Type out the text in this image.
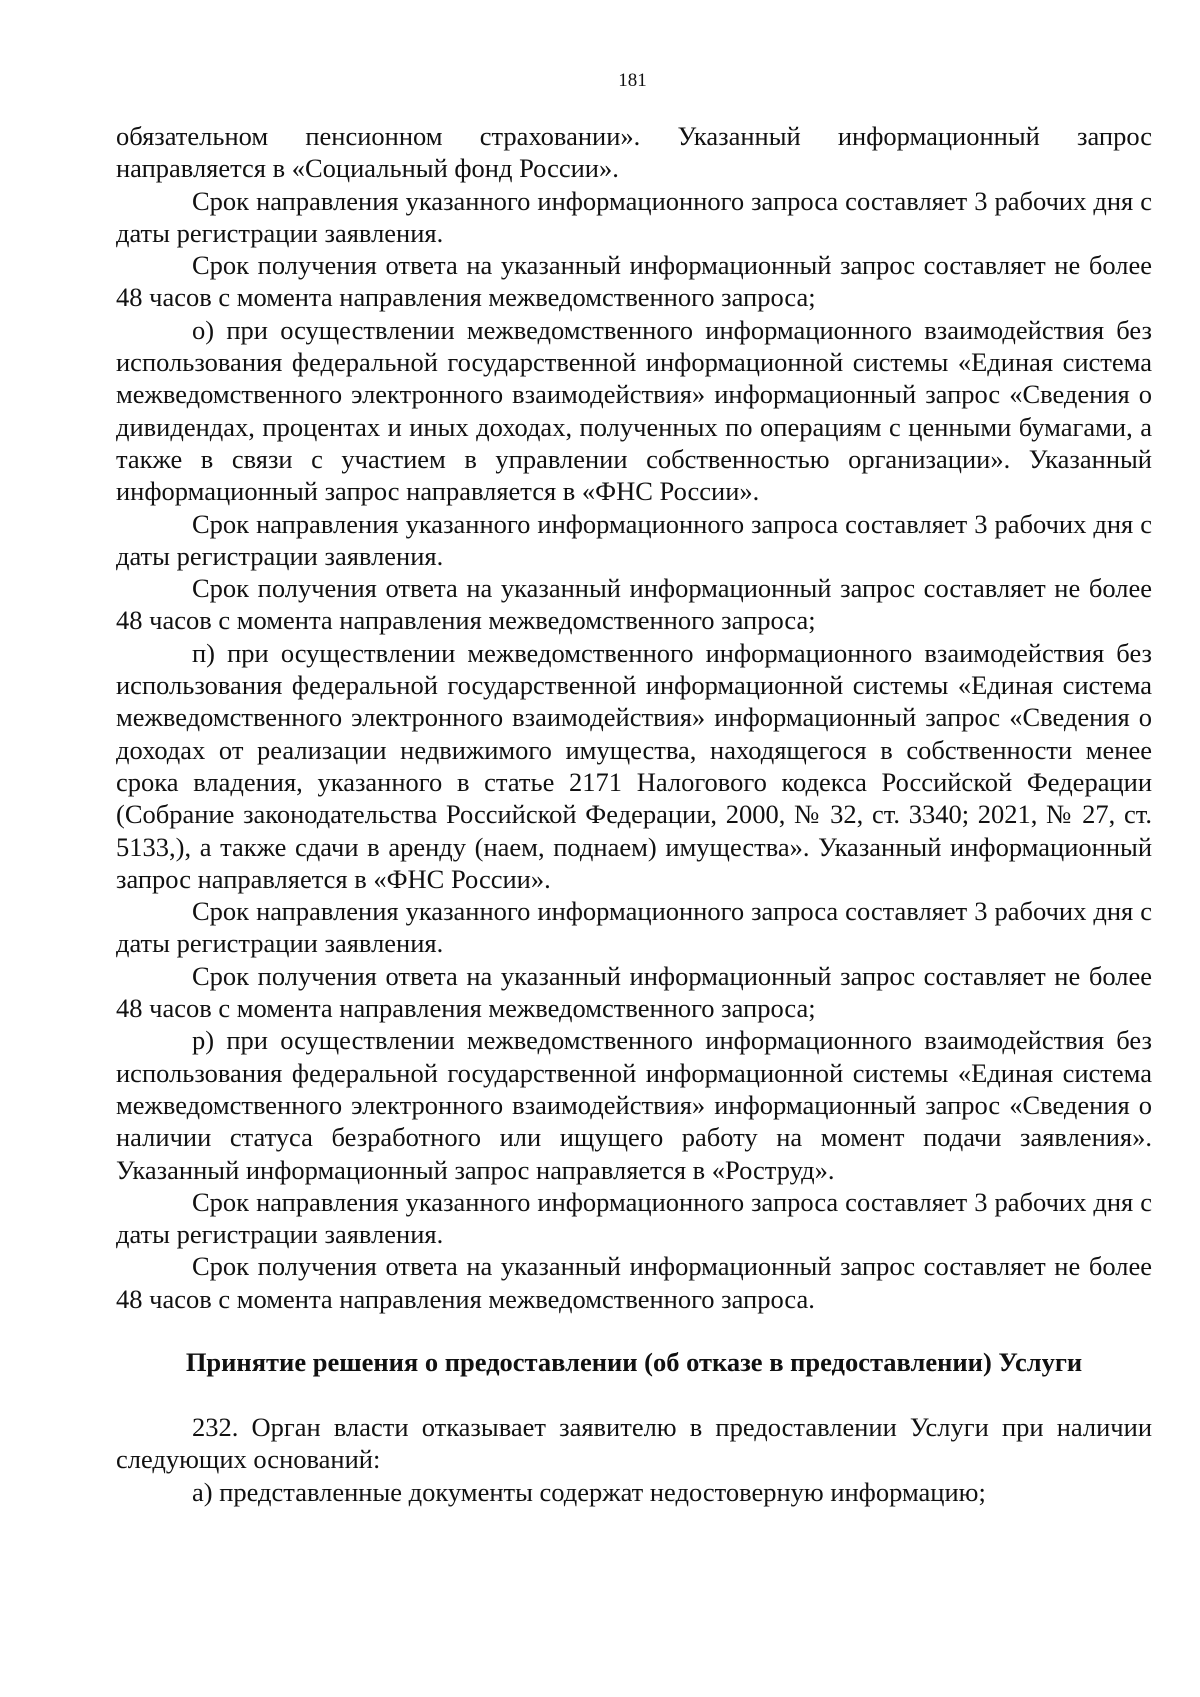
181

обязательном пенсионном страховании». Указанный информационный запрос направляется в «Социальный фонд России».

Срок направления указанного информационного запроса составляет 3 рабочих дня с даты регистрации заявления.

Срок получения ответа на указанный информационный запрос составляет не более 48 часов с момента направления межведомственного запроса;

о) при осуществлении межведомственного информационного взаимодействия без использования федеральной государственной информационной системы «Единая система межведомственного электронного взаимодействия» информационный запрос «Сведения о дивидендах, процентах и иных доходах, полученных по операциям с ценными бумагами, а также в связи с участием в управлении собственностью организации». Указанный информационный запрос направляется в «ФНС России».

Срок направления указанного информационного запроса составляет 3 рабочих дня с даты регистрации заявления.

Срок получения ответа на указанный информационный запрос составляет не более 48 часов с момента направления межведомственного запроса;

п) при осуществлении межведомственного информационного взаимодействия без использования федеральной государственной информационной системы «Единая система межведомственного электронного взаимодействия» информационный запрос «Сведения о доходах от реализации недвижимого имущества, находящегося в собственности менее срока владения, указанного в статье 2171 Налогового кодекса Российской Федерации (Собрание законодательства Российской Федерации, 2000, № 32, ст. 3340; 2021, № 27, ст. 5133,), а также сдачи в аренду (наем, поднаем) имущества». Указанный информационный запрос направляется в «ФНС России».

Срок направления указанного информационного запроса составляет 3 рабочих дня с даты регистрации заявления.

Срок получения ответа на указанный информационный запрос составляет не более 48 часов с момента направления межведомственного запроса;

р) при осуществлении межведомственного информационного взаимодействия без использования федеральной государственной информационной системы «Единая система межведомственного электронного взаимодействия» информационный запрос «Сведения о наличии статуса безработного или ищущего работу на момент подачи заявления». Указанный информационный запрос направляется в «Роструд».

Срок направления указанного информационного запроса составляет 3 рабочих дня с даты регистрации заявления.

Срок получения ответа на указанный информационный запрос составляет не более 48 часов с момента направления межведомственного запроса.

Принятие решения о предоставлении (об отказе в предоставлении) Услуги

232. Орган власти отказывает заявителю в предоставлении Услуги при наличии следующих оснований:

а) представленные документы содержат недостоверную информацию;
